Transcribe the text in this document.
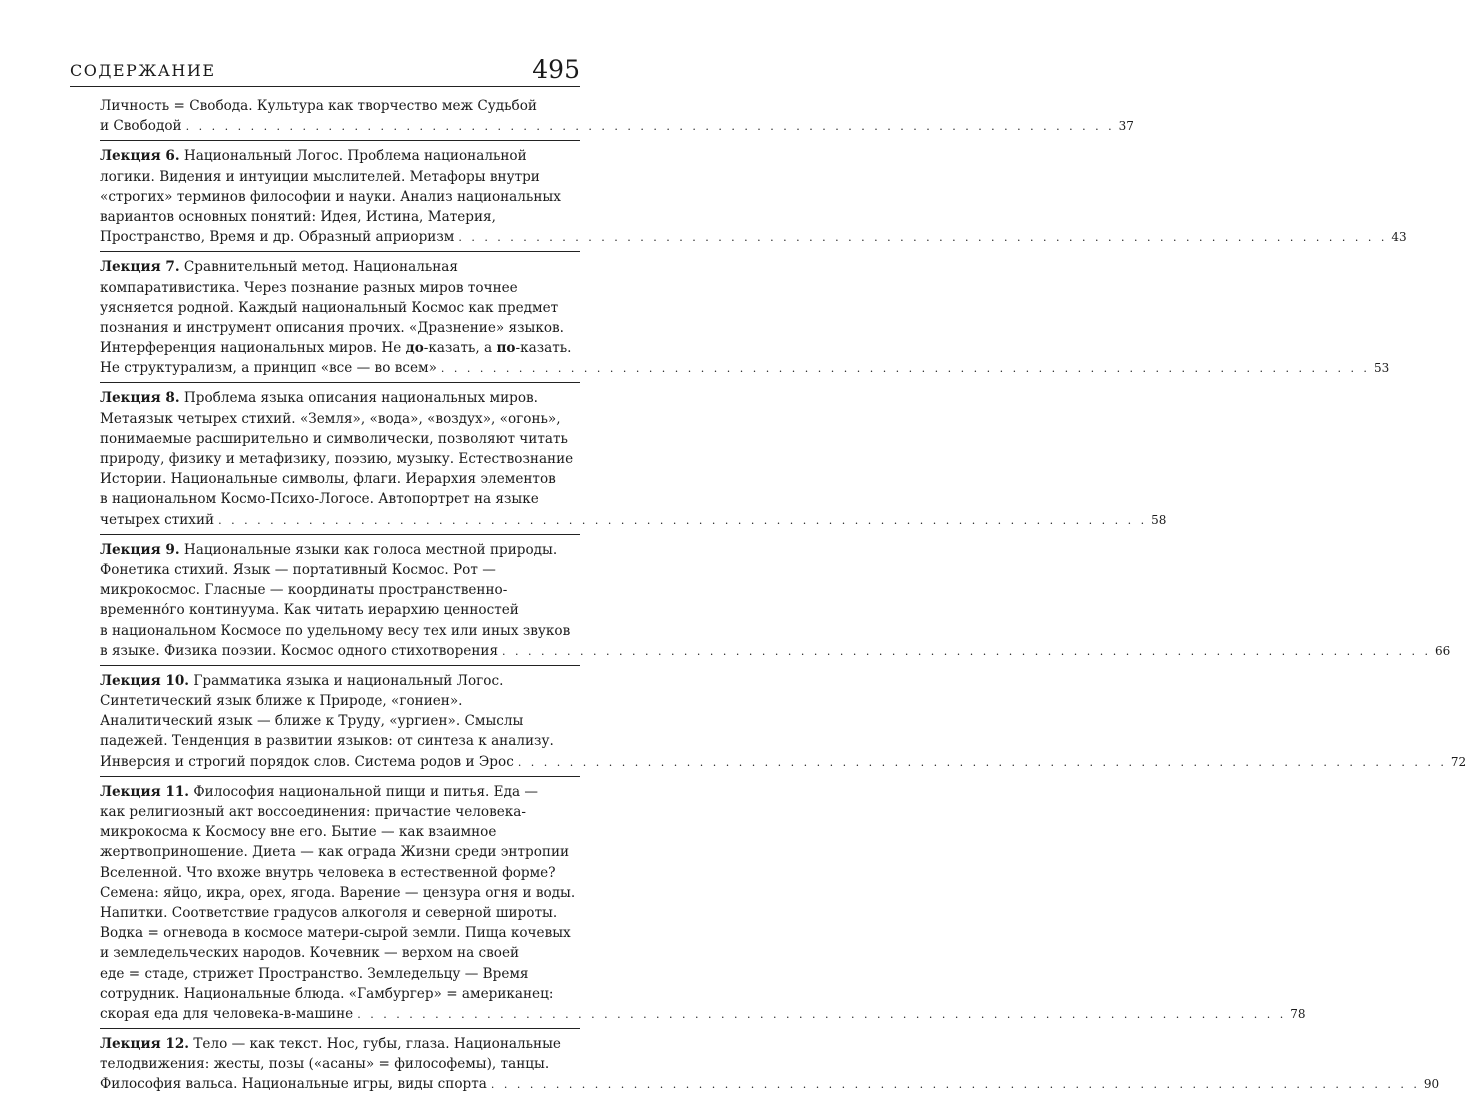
СОДЕРЖАНИЕ	495
Личность = Свобода. Культура как творчество меж Судьбой
и Свободой . . . . . . . . . . . . . . . . . . . . . . . . . . . . . . . . . . . . . . . . . . . . . . . . . . . . . . . . . . . . . . . . . . . . . . . . 37
Лекция 6. Национальный Логос. Проблема национальной
логики. Видения и интуиции мыслителей. Метафоры внутри
«строгих» терминов философии и науки. Анализ национальных
вариантов основных понятий: Идея, Истина, Материя,
Пространство, Время и др. Образный априоризм . . . . . . . . . . . . . . . . . . . . . . . . . . . . . . . . . . . . . . . . . . . . . . . . . . . . . . . . . . . . . . . . . . . . . . . . 43
Лекция 7. Сравнительный метод. Национальная
компаративистика. Через познание разных миров точнее
уясняется родной. Каждый национальный Космос как предмет
познания и инструмент описания прочих. «Дразнение» языков.
Интерференция национальных миров. Не до-казать, а по-казать.
Не структурализм, а принцип «все — во всем» . . . . . . . . . . . . . . . . . . . . . . . . . . . . . . . . . . . . . . . . . . . . . . . . . . . . . . . . . . . . . . . . . . . . . . . . 53
Лекция 8. Проблема языка описания национальных миров.
Метаязык четырех стихий. «Земля», «вода», «воздух», «огонь»,
понимаемые расширительно и символически, позволяют читать
природу, физику и метафизику, поэзию, музыку. Естествознание
Истории. Национальные символы, флаги. Иерархия элементов
в национальном Космо-Психо-Логосе. Автопортрет на языке
четырех стихий . . . . . . . . . . . . . . . . . . . . . . . . . . . . . . . . . . . . . . . . . . . . . . . . . . . . . . . . . . . . . . . . . . . . . . . . 58
Лекция 9. Национальные языки как голоса местной природы.
Фонетика стихий. Язык — портативный Космос. Рот —
микрокосмос. Гласные — координаты пространственно-
временно́го континуума. Как читать иерархию ценностей
в национальном Космосе по удельному весу тех или иных звуков
в языке. Физика поэзии. Космос одного стихотворения . . . . . . . . . . . . . . . . . . . . . . . . . . . . . . . . . . . . . . . . . . . . . . . . . . . . . . . . . . . . . . . . . . . . . . . . 66
Лекция 10. Грамматика языка и национальный Логос.
Синтетический язык ближе к Природе, «гониен».
Аналитический язык — ближе к Труду, «ургиен». Смыслы
падежей. Тенденция в развитии языков: от синтеза к анализу.
Инверсия и строгий порядок слов. Система родов и Эрос . . . . . . . . . . . . . . . . . . . . . . . . . . . . . . . . . . . . . . . . . . . . . . . . . . . . . . . . . . . . . . . . . . . . . . . . 72
Лекция 11. Философия национальной пищи и питья. Еда —
как религиозный акт воссоединения: причастие человека-
микрокосма к Космосу вне его. Бытие — как взаимное
жертвоприношение. Диета — как ограда Жизни среди энтропии
Вселенной. Что вхоже внутрь человека в естественной форме?
Семена: яйцо, икра, орех, ягода. Варение — цензура огня и воды.
Напитки. Соответствие градусов алкоголя и северной широты.
Водка = огневода в космосе матери-сырой земли. Пища кочевых
и земледельческих народов. Кочевник — верхом на своей
еде = стаде, стрижет Пространство. Земледельцу — Время
сотрудник. Национальные блюда. «Гамбургер» = американец:
скорая еда для человека-в-машине . . . . . . . . . . . . . . . . . . . . . . . . . . . . . . . . . . . . . . . . . . . . . . . . . . . . . . . . . . . . . . . . . . . . . . . . 78
Лекция 12. Тело — как текст. Нос, губы, глаза. Национальные
телодвижения: жесты, позы («асаны» = философемы), танцы.
Философия вальса. Национальные игры, виды спорта . . . . . . . . . . . . . . . . . . . . . . . . . . . . . . . . . . . . . . . . . . . . . . . . . . . . . . . . . . . . . . . . . . . . . . . . 90
